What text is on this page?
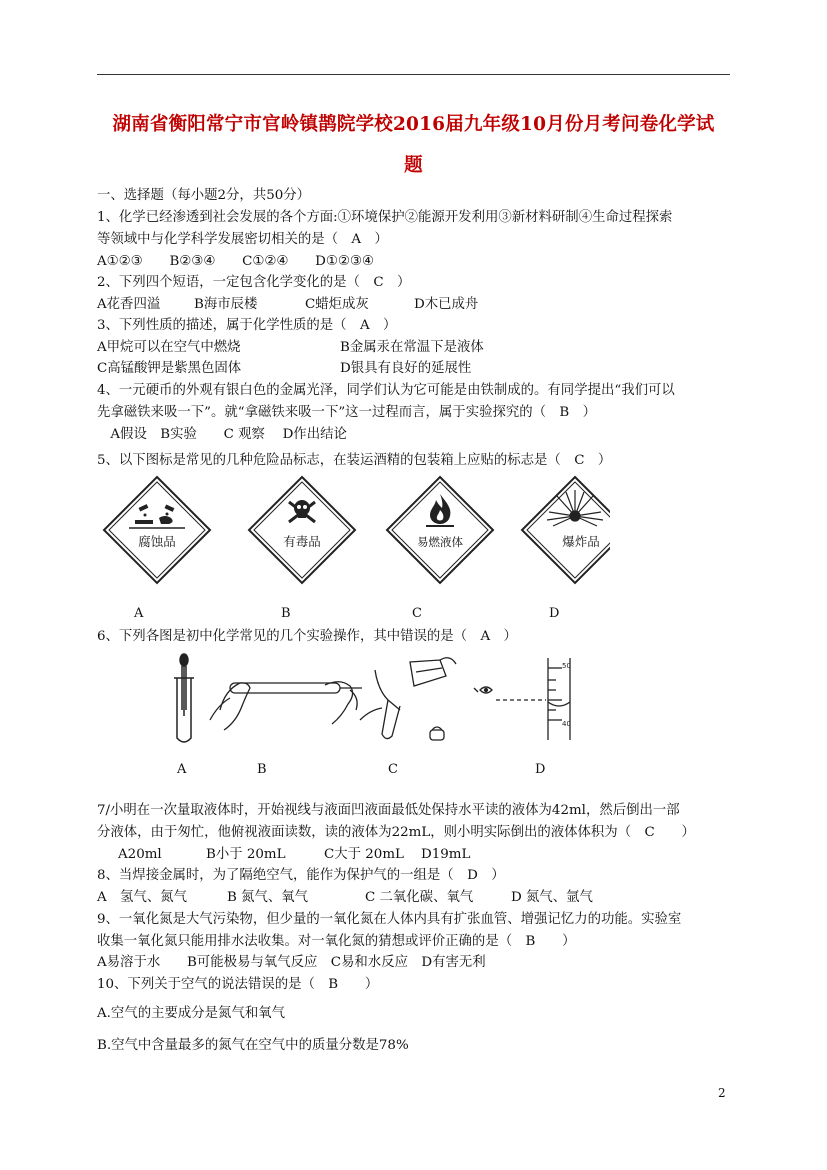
湖南省衡阳常宁市官岭镇鹊院学校2016届九年级10月份月考问卷化学试
题
一、选择题（每小题2分，共50分）
1、化学已经渗透到社会发展的各个方面:①环境保护②能源开发利用③新材料研制④生命过程探索
等领域中与化学科学发展密切相关的是（　A　）
A①②③　　B②③④　　C①②④　　D①②③④
2、下列四个短语，一定包含化学变化的是（　C　）
A花香四溢	B海市辰楼	C蜡炬成灰	D木已成舟
3、下列性质的描述，属于化学性质的是（　A　）
A甲烷可以在空气中燃烧	B金属汞在常温下是液体
C高锰酸钾是紫黑色固体	D银具有良好的延展性
4、一元硬币的外观有银白色的金属光泽，同学们认为它可能是由铁制成的。有同学提出“我们可以
先拿磁铁来吸一下”。就“拿磁铁来吸一下”这一过程而言，属于实验探究的（　B　）
　A假设　B实验　　C 观察　 D作出结论
5、以下图标是常见的几种危险品标志，在装运酒精的包装箱上应贴的标志是（　C　）
腐蚀品	有毒品	易燃液体	爆炸品
A	B	C	D
6、下列各图是初中化学常见的几个实验操作，其中错误的是（　A　）
50
40
A	B	C	D
7/小明在一次量取液体时，开始视线与液面凹液面最低处保持水平读的液体为42ml，然后倒出一部
分液体，由于匆忙，他俯视液面读数，读的液体为22mL，则小明实际倒出的液体体积为（　C　　）
A20ml	B小于 20mL	C大于 20mL D19mL
8、当焊接金属时，为了隔绝空气，能作为保护气的一组是（　D　）
A　氢气、氮气	B 氮气、氧气	C 二氧化碳、氧气	D 氮气、氩气
9、一氧化氮是大气污染物，但少量的一氧化氮在人体内具有扩张血管、增强记忆力的功能。实验室
收集一氧化氮只能用排水法收集。对一氧化氮的猜想或评价正确的是（　B　　）
A易溶于水　　B可能极易与氧气反应　C易和水反应　D有害无利
10、下列关于空气的说法错误的是（　B　　）
A.空气的主要成分是氮气和氧气
B.空气中含量最多的氮气在空气中的质量分数是78%
2
